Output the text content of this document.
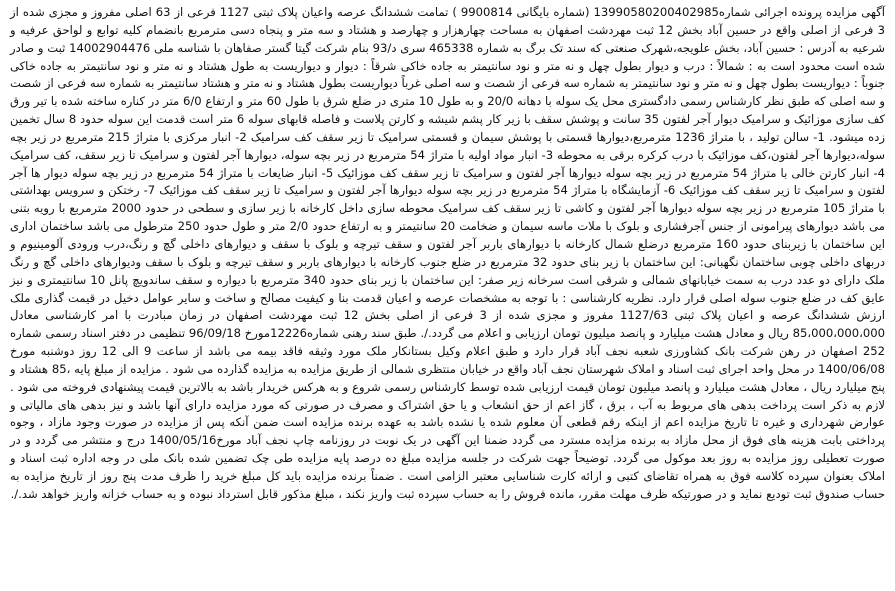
آگهی مزایده پرونده اجرائی شماره13990580200402985 (شماره بایگانی 9900814 ) تمامت ششدانگ عرصه واعیان پلاک ثبتی 1127 فرعی از 63 اصلی مفروز و مجزی شده از 3 فرعی از اصلی واقع در حسین آباد بخش 12 ثبت مهردشت اصفهان به مساحت چهارهزار و چهارصد و هشتاد و سه متر و پنجاه دسی مترمربع بانضمام کلیه توابع و لواحق عرفیه و شرعیه به آدرس : حسین آباد، بخش علویجه،شهرک صنعتی که سند تک برگ به شماره 465338 سری د/93 بنام شرکت گیتا گستر صفاهان با شناسه ملی 14002904476 ثبت و صادر شده است محدود است به : شمالاً : درب و دیوار بطول چهل و نه متر و نود سانتیمتر به جاده خاکی شرقاً : دیوار و دیواریست به طول هشتاد و نه متر و نود سانتیمتر به جاده خاکی جنوباً : دیواریست بطول چهل و نه متر و نود سانتیمتر به شماره سه فرعی از شصت و سه اصلی غرباً دیواریست بطول هشتاد و نه متر و هشتاد سانتیمتر به شماره سه فرعی از شصت و سه اصلی که طبق نظر کارشناس رسمی دادگستری محل یک سوله با دهانه 20/0 و به طول 10 متری در ضلع شرق با طول 60 متر و ارتفاع 6/0 متر در کناره ساخته شده با تیر ورق کف سازی موزائیک و سرامیک دیوار آجر لفتون 35 سانت و پوشش سقف با زیر کار پشم شیشه و کارتن پلاست و فاصله قابهای سوله 6 متر است قدمت این سوله حدود 8 سال تخمین زده میشود. 1- سالن تولید ، با متراژ 1236 مترمربع،دیوارها قسمتی با پوشش سیمان و قسمتی سرامیک تا زیر سقف کف سرامیک 2- انبار مرکزی با متراژ 215 مترمربع در زیر بچه سوله،دیوارها آجر لفتون،کف موزائیک با درب کرکره برقی به محوطه 3- انبار مواد اولیه با متراژ 54 مترمربع در زیر بچه سوله، دیوارها آجر لفتون و سرامیک تا زیر سقف، کف سرامیک 4- انبار کارتن خالی با متراژ 54 مترمربع در زیر بچه سوله دیوارها آجر لفتون و سرامیک تا زیر سقف کف موزائیک 5- انبار ضایعات با متراژ 54 مترمربع در زیر بچه سوله دیوار ها آجر لفتون و سرامیک تا زیر سقف کف موزائیک 6- آزمایشگاه با متراژ 54 مترمربع در زیر بچه سوله دیوارها آجر لفتون و سرامیک تا زیر سقف کف موزائیک 7- رختکن و سرویس بهداشتی با متراژ 105 مترمربع در زیر بچه سوله دیوارها آجر لفتون و کاشی تا زیر سقف کف سرامیک محوطه سازی داخل کارخانه با زیر سازی و سطحی در حدود 2000 مترمربع با رویه بتنی می باشد دیوارهای پیرامونی از جنس آجرفشاری و بلوک با ملات ماسه سیمان و ضخامت 20 سانتیمتر و به ارتفاع حدود 2/0 متر و طول حدود 250 مترطول می باشد ساختمان اداری این ساختمان با زیربنای حدود 160 مترمربع درضلع شمال کارخانه با دیوارهای باربر آجر لفتون و سقف تیرچه و بلوک با سقف و دیوارهای داخلی گچ و رنگ،درب ورودی آلومینیوم و دربهای داخلی چوبی ساختمان نگهبانی: این ساختمان با زیر بنای حدود 32 مترمربع در ضلع جنوب کارخانه با دیوارهای باربر و سقف تیرچه و بلوک با سقف ودیوارهای داخلی گچ و رنگ ملک دارای دو عدد درب به سمت خیابانهای شمالی و شرقی است سرخانه زیر صفر: این ساختمان با زیر بنای حدود 340 مترمربع با دیواره و سقف ساندویچ پانل 10 سانتیمتری و نیز عایق کف در ضلع جنوب سوله اصلی قرار دارد. نظریه کارشناسی : با توجه به مشخصات عرصه و اعیان قدمت بنا و کیفیت مصالح و ساخت و سایر عوامل دخیل در قیمت گذاری ملک ارزش ششدانگ عرصه و اعیان پلاک ثبتی 1127/63 مفروز و مجزی شده از 3 فرعی از اصلی بخش 12 ثبت مهردشت اصفهان در زمان مبادرت با امر کارشناسی معادل 85،000،000،000 ریال و معادل هشت میلیارد و پانصد میلیون تومان ارزیابی و اعلام می گردد./. طبق سند رهنی شماره12226مورخ 96/09/18 تنظیمی در دفتر اسناد رسمی شماره 252 اصفهان در رهن شرکت بانک کشاورزی شعبه نجف آباد قرار دارد و طبق اعلام وکیل بستانکار ملک مورد وثیقه فاقد بیمه می باشد از ساعت 9 الی 12 روز دوشنبه مورخ 1400/06/08 در محل واحد اجرای ثبت اسناد و املاک شهرستان نجف آباد واقع در خیابان منتظری شمالی از طریق مزایده به مزایده گذارده می شود . مزایده از مبلغ پایه ،85 هشتاد و پنج میلیارد ریال ، معادل هشت میلیارد و پانصد میلیون تومان قیمت ارزیابی شده توسط کارشناس رسمی شروع و به هرکس خریدار باشد به بالاترین قیمت پیشنهادی فروخته می شود . لازم به ذکر است پرداخت بدهی های مربوط به آب ، برق ، گاز اعم از حق انشعاب و یا حق اشتراک و مصرف در صورتی که مورد مزایده دارای آنها باشد و نیز بدهی های مالیاتی و عوارض شهرداری و غیره تا تاریخ مزایده اعم از اینکه رقم قطعی آن معلوم شده یا نشده باشد به عهده برنده مزایده است ضمن آنکه پس از مزایده در صورت وجود مازاد ، وجوه پرداختی بابت هزینه های فوق از محل مازاد به برنده مزایده مسترد می گردد ضمنا این آگهی در یک نوبت در روزنامه چاپ نجف آباد مورخ1400/05/16 درج و منتشر می گردد و در صورت تعطیلی روز مزایده به روز بعد موکول می گردد. توضیحاً جهت شرکت در جلسه مزایده مبلغ ده درصد پایه مزایده طی چک تضمین شده بانک ملی در وجه اداره ثبت اسناد و املاک بعنوان سپرده کلاسه فوق به همراه تقاضای کتبی و ارائه کارت شناسایی معتبر الزامی است . ضمناً برنده مزایده باید کل مبلغ خرید را ظرف مدت پنج روز از تاریخ مزایده به حساب صندوق ثبت تودیع نماید و در صورتیکه ظرف مهلت مقرر، مانده فروش را به حساب سپرده ثبت واریز نکند ، مبلغ مذکور قابل استرداد نبوده و به حساب خزانه واریز خواهد شد./.
